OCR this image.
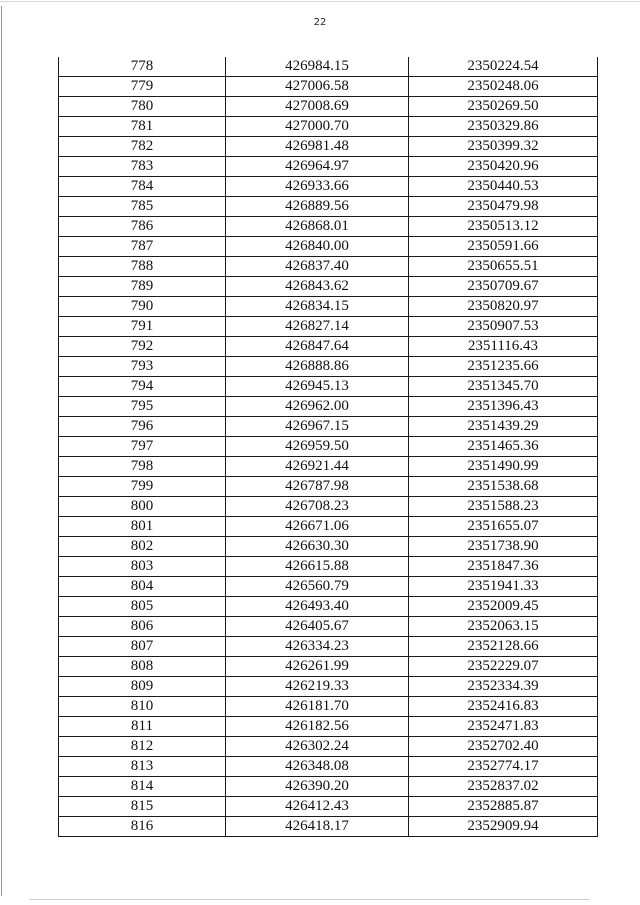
22
778	426984.15	2350224.54
779	427006.58	2350248.06
780	427008.69	2350269.50
781	427000.70	2350329.86
782	426981.48	2350399.32
783	426964.97	2350420.96
784	426933.66	2350440.53
785	426889.56	2350479.98
786	426868.01	2350513.12
787	426840.00	2350591.66
788	426837.40	2350655.51
789	426843.62	2350709.67
790	426834.15	2350820.97
791	426827.14	2350907.53
792	426847.64	2351116.43
793	426888.86	2351235.66
794	426945.13	2351345.70
795	426962.00	2351396.43
796	426967.15	2351439.29
797	426959.50	2351465.36
798	426921.44	2351490.99
799	426787.98	2351538.68
800	426708.23	2351588.23
801	426671.06	2351655.07
802	426630.30	2351738.90
803	426615.88	2351847.36
804	426560.79	2351941.33
805	426493.40	2352009.45
806	426405.67	2352063.15
807	426334.23	2352128.66
808	426261.99	2352229.07
809	426219.33	2352334.39
810	426181.70	2352416.83
811	426182.56	2352471.83
812	426302.24	2352702.40
813	426348.08	2352774.17
814	426390.20	2352837.02
815	426412.43	2352885.87
816	426418.17	2352909.94
